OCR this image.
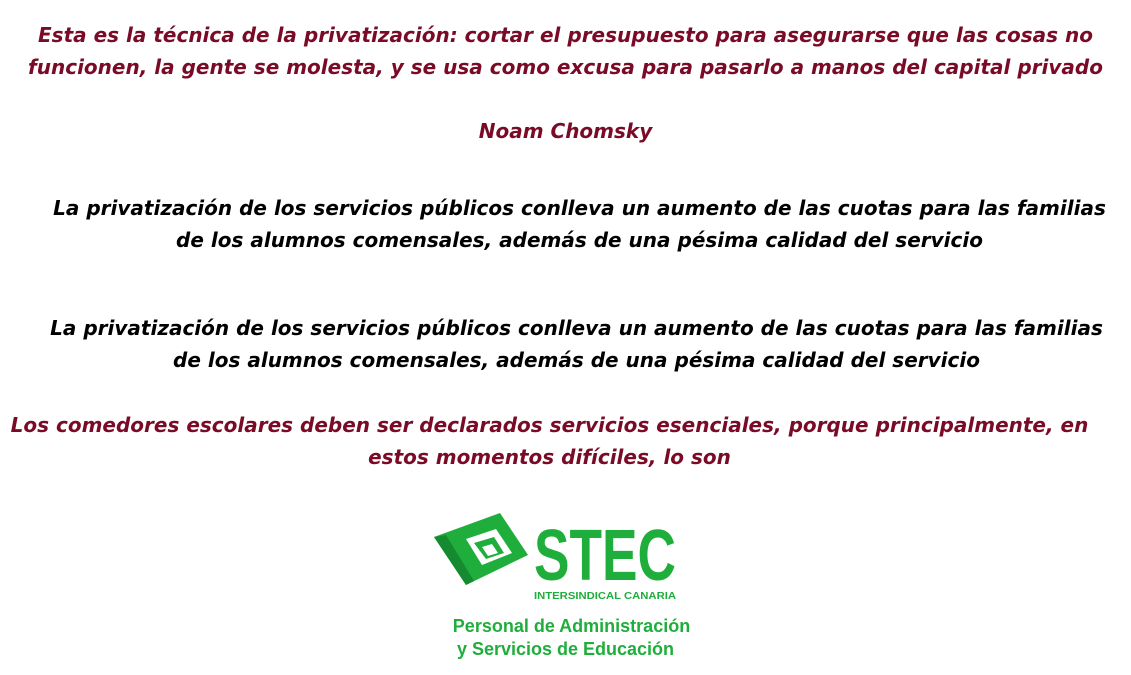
Esta es la técnica de la privatización: cortar el presupuesto para asegurarse que las cosas no
funcionen, la gente se molesta, y se usa como excusa para pasarlo a manos del capital privado

Noam Chomsky

La privatización de los servicios públicos conlleva un aumento de las cuotas para las familias
de los alumnos comensales, además de una pésima calidad del servicio

La privatización de los servicios públicos conlleva un aumento de las cuotas para las familias
de los alumnos comensales, además de una pésima calidad del servicio

Los comedores escolares deben ser declarados servicios esenciales, porque principalmente, en
estos momentos difíciles, lo son

STEC
INTERSINDICAL CANARIA

Personal de Administración
y Servicios de Educación
